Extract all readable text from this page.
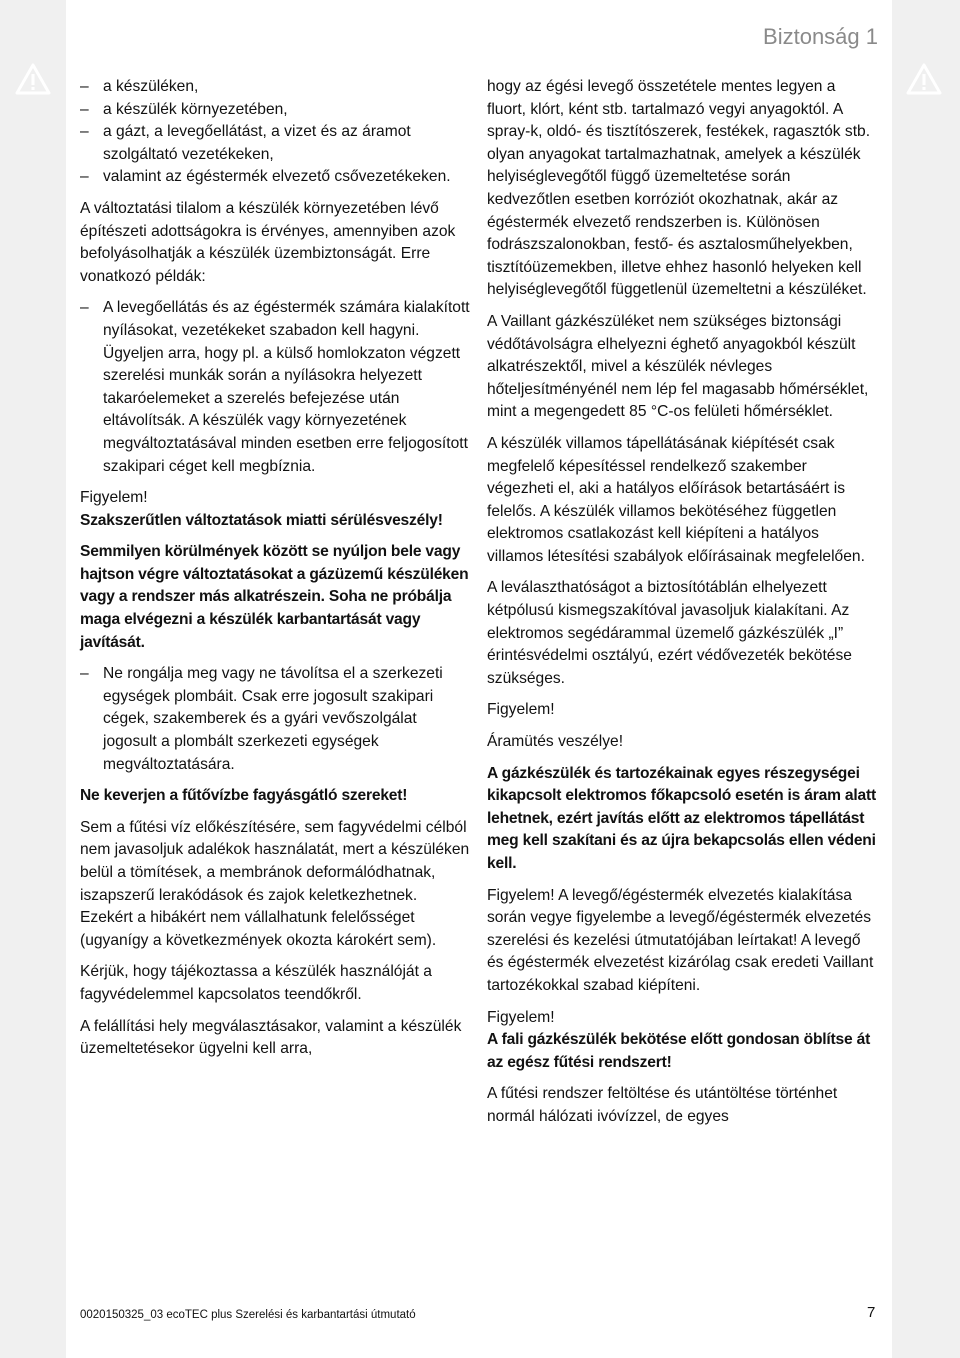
Biztonság 1
– a készüléken,
– a készülék környezetében,
– a gázt, a levegőellátást, a vizet és az áramot szolgáltató vezetékeken,
– valamint az égéstermék elvezető csővezetékeken.

A változtatási tilalom a készülék környezetében lévő építészeti adottságokra is érvényes, amennyiben azok befolyásolhatják a készülék üzembiztonságát. Erre vonatkozó példák:

– A levegőellátás és az égéstermék számára kialakított nyílásokat, vezetékeket szabadon kell hagyni. Ügyeljen arra, hogy pl. a külső homlokzaton végzett szerelési munkák során a nyílásokra helyezett takaróelemeket a szerelés befejezése után eltávolítsák. A készülék vagy környezetének megváltoztatásával minden esetben erre feljogosított szakipari céget kell megbíznia.

Figyelem!

Szakszerűtlen változtatások miatti sérülésveszély!

Semmilyen körülmények között se nyúljon bele vagy hajtson végre változtatásokat a gázüzemű készüléken vagy a rendszer más alkatrészein. Soha ne próbálja maga elvégezni a készülék karbantartását vagy javítását.

– Ne rongálja meg vagy ne távolítsa el a szerkezeti egységek plombáit. Csak erre jogosult szakipari cégek, szakemberek és a gyári vevőszolgálat jogosult a plombált szerkezeti egységek megváltoztatására.

Ne keverjen a fűtővízbe fagyásgátló szereket!

Sem a fűtési víz előkészítésére, sem fagyvédelmi célból nem javasoljuk adalékok használatát, mert a készüléken belül a tömítések, a membránok deformálódhatnak, iszapszerű lerakódások és zajok keletkezhetnek. Ezekért a hibákért nem vállalhatunk felelősséget (ugyanígy a következmények okozta károkért sem).

Kérjük, hogy tájékoztassa a készülék használóját a fagyvédelemmel kapcsolatos teendőkről.

A felállítási hely megválasztásakor, valamint a készülék üzemeltetésekor ügyelni kell arra,

hogy az égési levegő összetétele mentes legyen a fluort, klórt, ként stb. tartalmazó vegyi anyagoktól. A spray-k, oldó- és tisztítószerek, festékek, ragasztók stb. olyan anyagokat tartalmazhatnak, amelyek a készülék helyiséglevegőtől függő üzemeltetése során kedvezőtlen esetben korróziót okozhatnak, akár az égéstermék elvezető rendszerben is. Különösen fodrászszalonokban, festő- és asztalosműhelyekben, tisztítóüzemekben, illetve ehhez hasonló helyeken kell helyiséglevegőtől függetlenül üzemeltetni a készüléket.

A Vaillant gázkészüléket nem szükséges biztonsági védőtávolságra elhelyezni éghető anyagokból készült alkatrészektől, mivel a készülék névleges hőteljesítményénél nem lép fel magasabb hőmérséklet, mint a megengedett 85 °C-os felületi hőmérséklet.

A készülék villamos tápellátásának kiépítését csak megfelelő képesítéssel rendelkező szakember végezheti el, aki a hatályos előírások betartásáért is felelős. A készülék villamos bekötéséhez független elektromos csatlakozást kell kiépíteni a hatályos villamos létesítési szabályok előírásainak megfelelően.

A leválaszthatóságot a biztosítótáblán elhelyezett kétpólusú kismegszakítóval javasoljuk kialakítani. Az elektromos segédárammal üzemelő gázkészülék „I” érintésvédelmi osztályú, ezért védővezeték bekötése szükséges.

Figyelem!

Áramütés veszélye!

A gázkészülék és tartozékainak egyes részegységei kikapcsolt elektromos főkapcsoló esetén is áram alatt lehetnek, ezért javítás előtt az elektromos tápellátást meg kell szakítani és az újra bekapcsolás ellen védeni kell.

Figyelem! A levegő/égéstermék elvezetés kialakítása során vegye figyelembe a levegő/égéstermék elvezetés szerelési és kezelési útmutatójában leírtakat! A levegő és égéstermék elvezetést kizárólag csak eredeti Vaillant tartozékokkal szabad kiépíteni.

Figyelem!

A fali gázkészülék bekötése előtt gondosan öblítse át az egész fűtési rendszert!

A fűtési rendszer feltöltése és utántöltése történhet normál hálózati ivóvízzel, de egyes

0020150325_03 ecoTEC plus Szerelési és karbantartási útmutató	7
